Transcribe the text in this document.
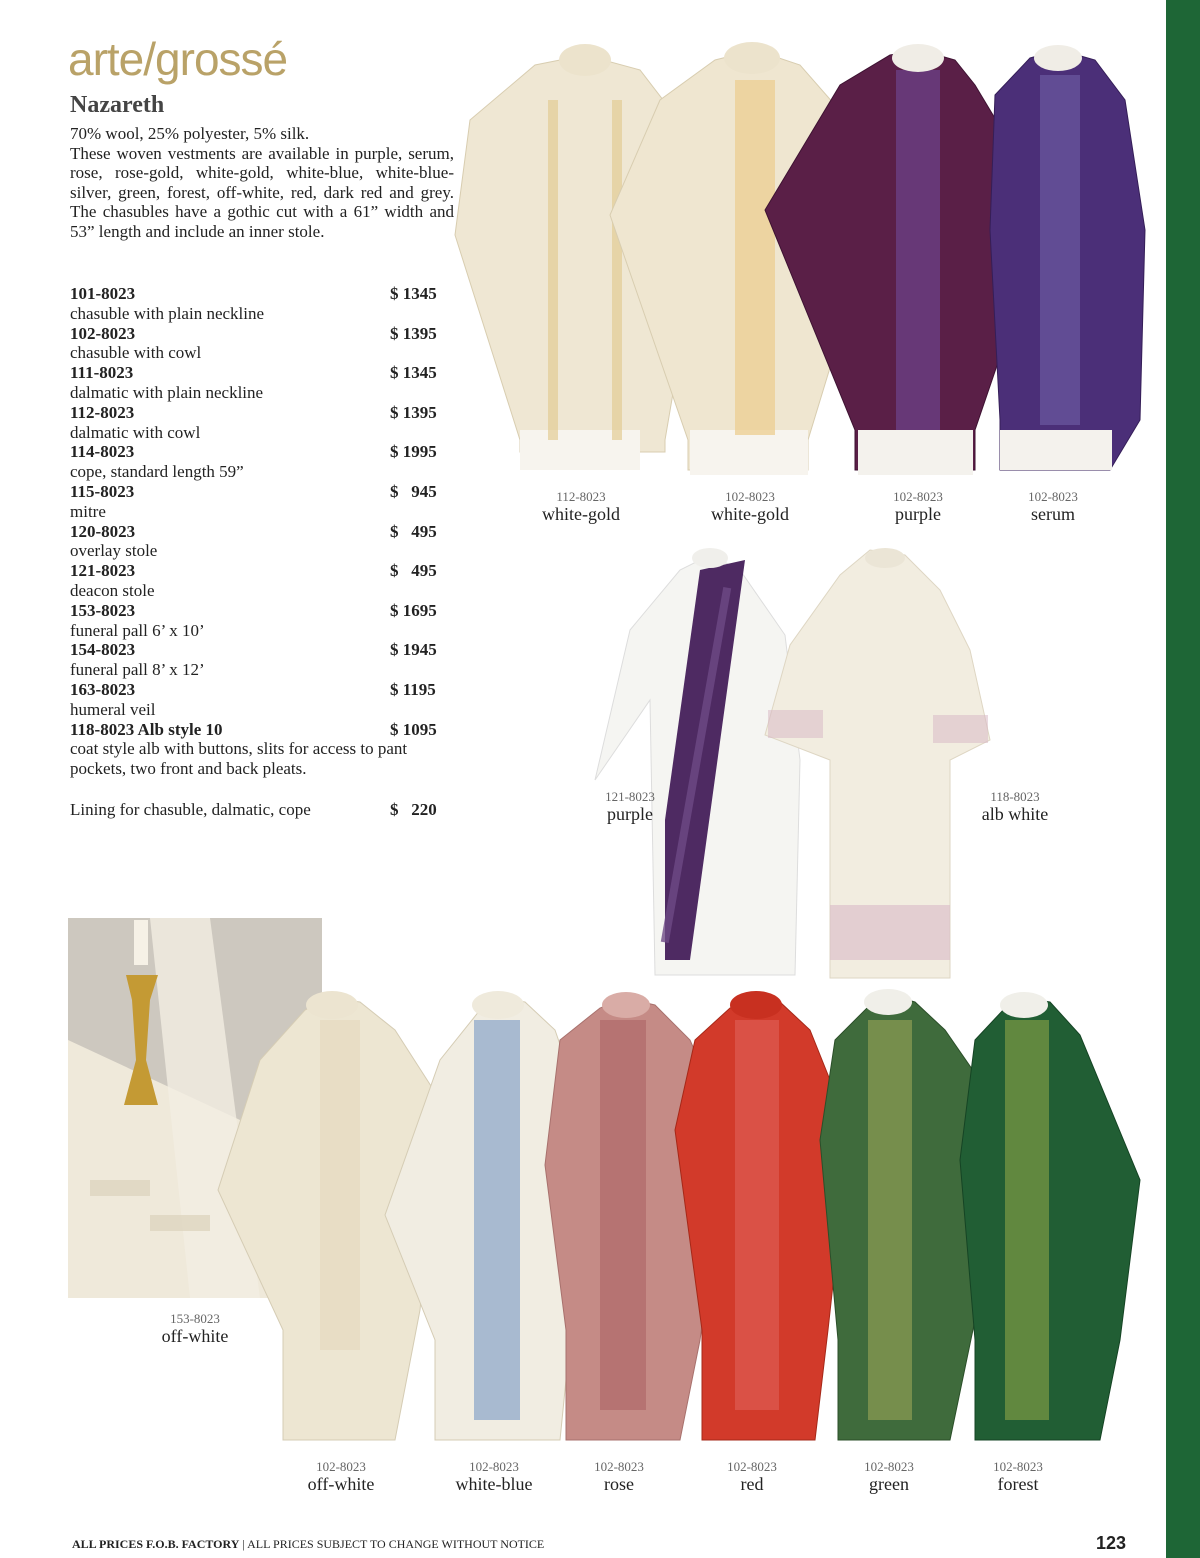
arte/grossé
Nazareth

70% wool, 25% polyester, 5% silk.

These woven vestments are available in purple, serum, rose, rose-gold, white-gold, white-blue, white-blue-silver, green, forest, off-white, red, dark red and grey. The chasubles have a gothic cut with a 61” width and 53” length and include an inner stole.

101-8023	$ 1345
chasuble with plain neckline
102-8023	$ 1395
chasuble with cowl
111-8023	$ 1345
dalmatic with plain neckline
112-8023	$ 1395
dalmatic with cowl
114-8023	$ 1995
cope, standard length 59”
115-8023	$   945
mitre
120-8023	$   495
overlay stole
121-8023	$   495
deacon stole
153-8023	$ 1695
funeral pall 6’ x 10’
154-8023	$ 1945
funeral pall 8’ x 12’
163-8023	$ 1195
humeral veil
118-8023 Alb style 10	$ 1095
coat style alb with buttons, slits for access to pant pockets, two front and back pleats.
Lining for chasuble, dalmatic, cope	$   220
112-8023
white-gold
102-8023
white-gold
102-8023
purple
102-8023
serum
121-8023
purple
118-8023
alb white
153-8023
off-white
102-8023
off-white
102-8023
white-blue
102-8023
rose
102-8023
red
102-8023
green
102-8023
forest
ALL PRICES F.O.B. FACTORY | ALL PRICES SUBJECT TO CHANGE WITHOUT NOTICE	123
